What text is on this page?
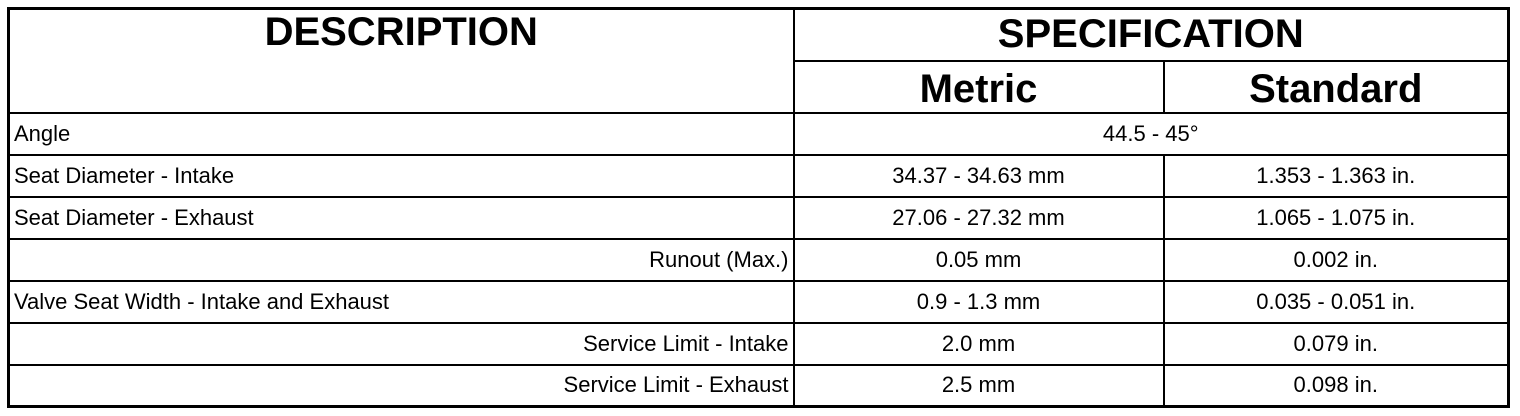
DESCRIPTION	SPECIFICATION	
	Metric	Standard
Angle	44.5 - 45°	
Seat Diameter - Intake	34.37 - 34.63 mm	1.353 - 1.363 in.
Seat Diameter - Exhaust	27.06 - 27.32 mm	1.065 - 1.075 in.
Runout (Max.)	0.05 mm	0.002 in.
Valve Seat Width - Intake and Exhaust	0.9 - 1.3 mm	0.035 - 0.051 in.
Service Limit - Intake	2.0 mm	0.079 in.
Service Limit - Exhaust	2.5 mm	0.098 in.
